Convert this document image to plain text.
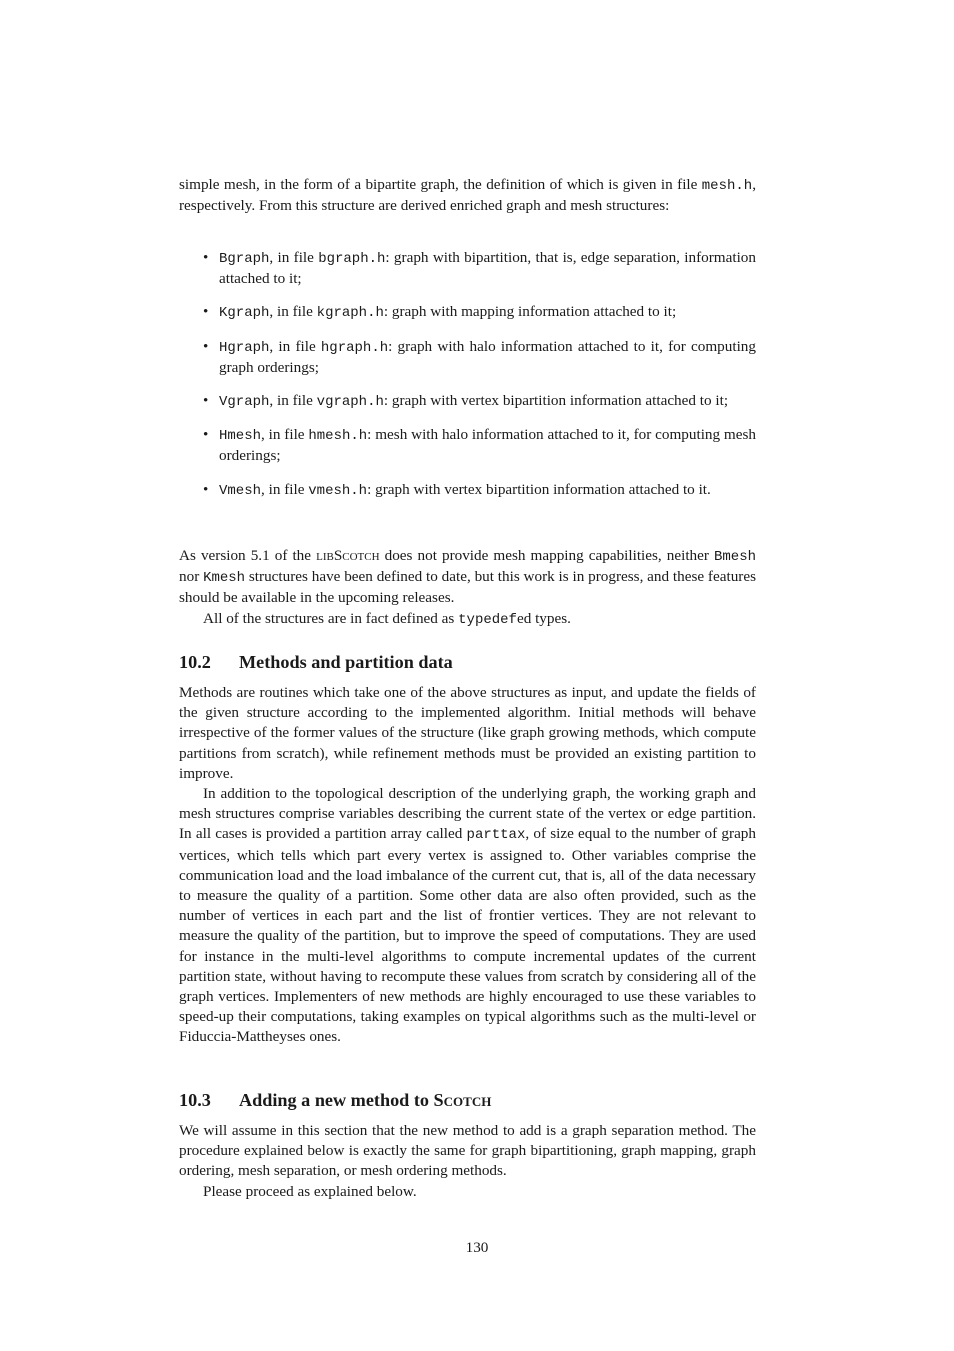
simple mesh, in the form of a bipartite graph, the definition of which is given in file mesh.h, respectively. From this structure are derived enriched graph and mesh structures:

• Bgraph, in file bgraph.h: graph with bipartition, that is, edge separation, information attached to it;
• Kgraph, in file kgraph.h: graph with mapping information attached to it;
• Hgraph, in file hgraph.h: graph with halo information attached to it, for computing graph orderings;
• Vgraph, in file vgraph.h: graph with vertex bipartition information attached to it;
• Hmesh, in file hmesh.h: mesh with halo information attached to it, for computing mesh orderings;
• Vmesh, in file vmesh.h: graph with vertex bipartition information attached to it.

As version 5.1 of the libScotch does not provide mesh mapping capabilities, neither Bmesh nor Kmesh structures have been defined to date, but this work is in progress, and these features should be available in the upcoming releases.

All of the structures are in fact defined as typedefed types.

10.2 Methods and partition data

Methods are routines which take one of the above structures as input, and update the fields of the given structure according to the implemented algorithm. Initial methods will behave irrespective of the former values of the structure (like graph growing methods, which compute partitions from scratch), while refinement methods must be provided an existing partition to improve.

In addition to the topological description of the underlying graph, the working graph and mesh structures comprise variables describing the current state of the vertex or edge partition. In all cases is provided a partition array called parttax, of size equal to the number of graph vertices, which tells which part every vertex is assigned to. Other variables comprise the communication load and the load imbalance of the current cut, that is, all of the data necessary to measure the quality of a partition. Some other data are also often provided, such as the number of vertices in each part and the list of frontier vertices. They are not relevant to measure the quality of the partition, but to improve the speed of computations. They are used for instance in the multi-level algorithms to compute incremental updates of the current partition state, without having to recompute these values from scratch by considering all of the graph vertices. Implementers of new methods are highly encouraged to use these variables to speed-up their computations, taking examples on typical algorithms such as the multi-level or Fiduccia-Mattheyses ones.

10.3 Adding a new method to Scotch

We will assume in this section that the new method to add is a graph separation method. The procedure explained below is exactly the same for graph bipartitioning, graph mapping, graph ordering, mesh separation, or mesh ordering methods.

Please proceed as explained below.

130
